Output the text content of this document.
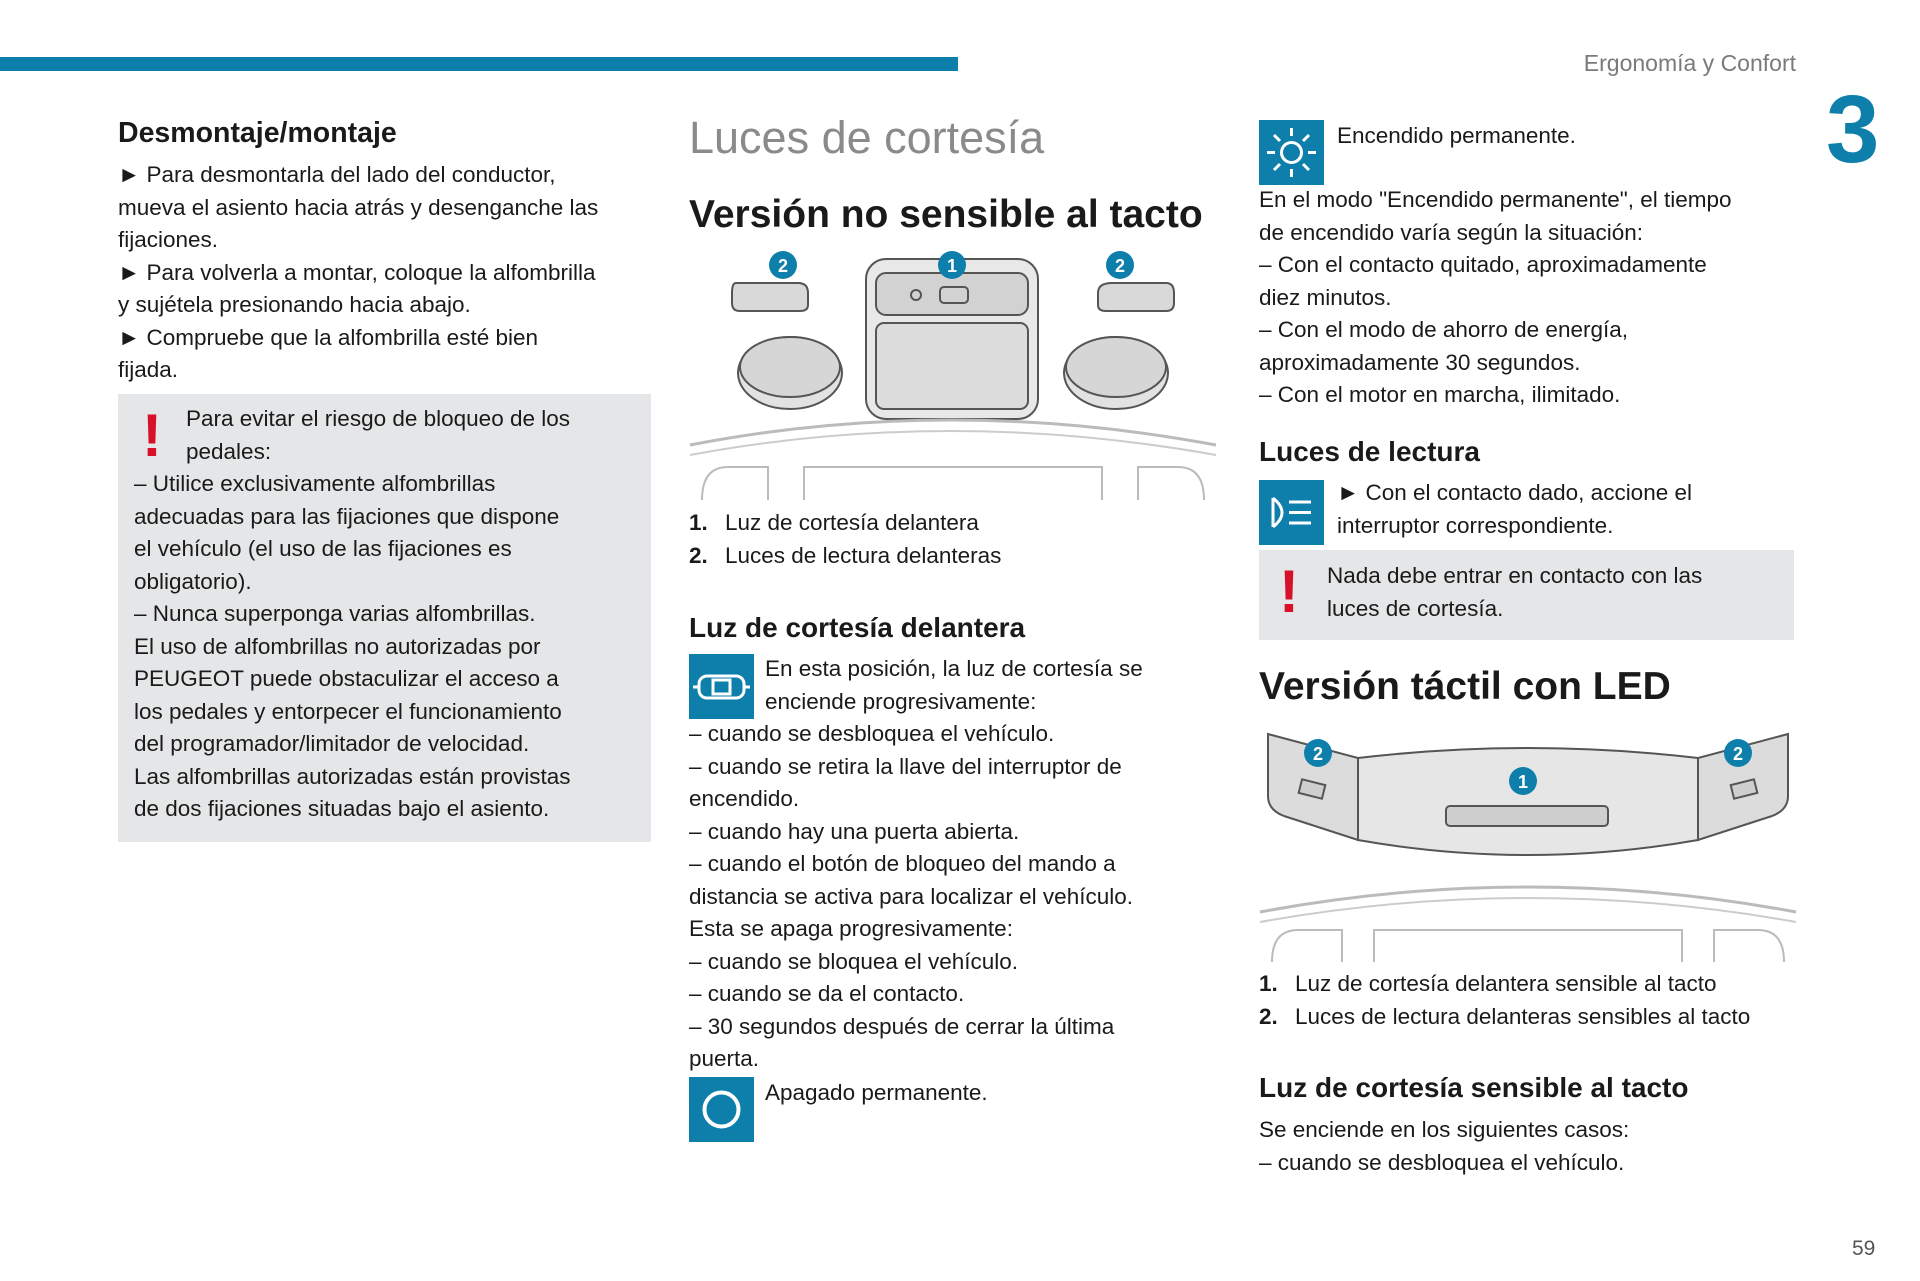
Ergonomía y Confort
3
59
Desmontaje/montaje

► Para desmontarla del lado del conductor,

mueva el asiento hacia atrás y desenganche las

fijaciones.

► Para volverla a montar, coloque la alfombrilla

y sujétela presionando hacia abajo.

► Compruebe que la alfombrilla esté bien

fijada.

! Para evitar el riesgo de bloqueo de los

pedales:

– Utilice exclusivamente alfombrillas

adecuadas para las fijaciones que dispone

el vehículo (el uso de las fijaciones es

obligatorio).

– Nunca superponga varias alfombrillas.

El uso de alfombrillas no autorizadas por

PEUGEOT puede obstaculizar el acceso a

los pedales y entorpecer el funcionamiento

del programador/limitador de velocidad.

Las alfombrillas autorizadas están provistas

de dos fijaciones situadas bajo el asiento.

Luces de cortesía
Versión no sensible al tacto
2	1	2

1. Luz de cortesía delantera

2. Luces de lectura delanteras

Luz de cortesía delantera

En esta posición, la luz de cortesía se

enciende progresivamente:

– cuando se desbloquea el vehículo.

– cuando se retira la llave del interruptor de

encendido.

– cuando hay una puerta abierta.

– cuando el botón de bloqueo del mando a

distancia se activa para localizar el vehículo.

Esta se apaga progresivamente:

– cuando se bloquea el vehículo.

– cuando se da el contacto.

– 30 segundos después de cerrar la última

puerta.

Apagado permanente.

Encendido permanente.

En el modo "Encendido permanente", el tiempo

de encendido varía según la situación:

– Con el contacto quitado, aproximadamente

diez minutos.

– Con el modo de ahorro de energía,

aproximadamente 30 segundos.

– Con el motor en marcha, ilimitado.

Luces de lectura

► Con el contacto dado, accione el

interruptor correspondiente.

! Nada debe entrar en contacto con las

luces de cortesía.

Versión táctil con LED
2
1
2

1. Luz de cortesía delantera sensible al tacto

2. Luces de lectura delanteras sensibles al tacto

Luz de cortesía sensible al tacto

Se enciende en los siguientes casos:

– cuando se desbloquea el vehículo.
